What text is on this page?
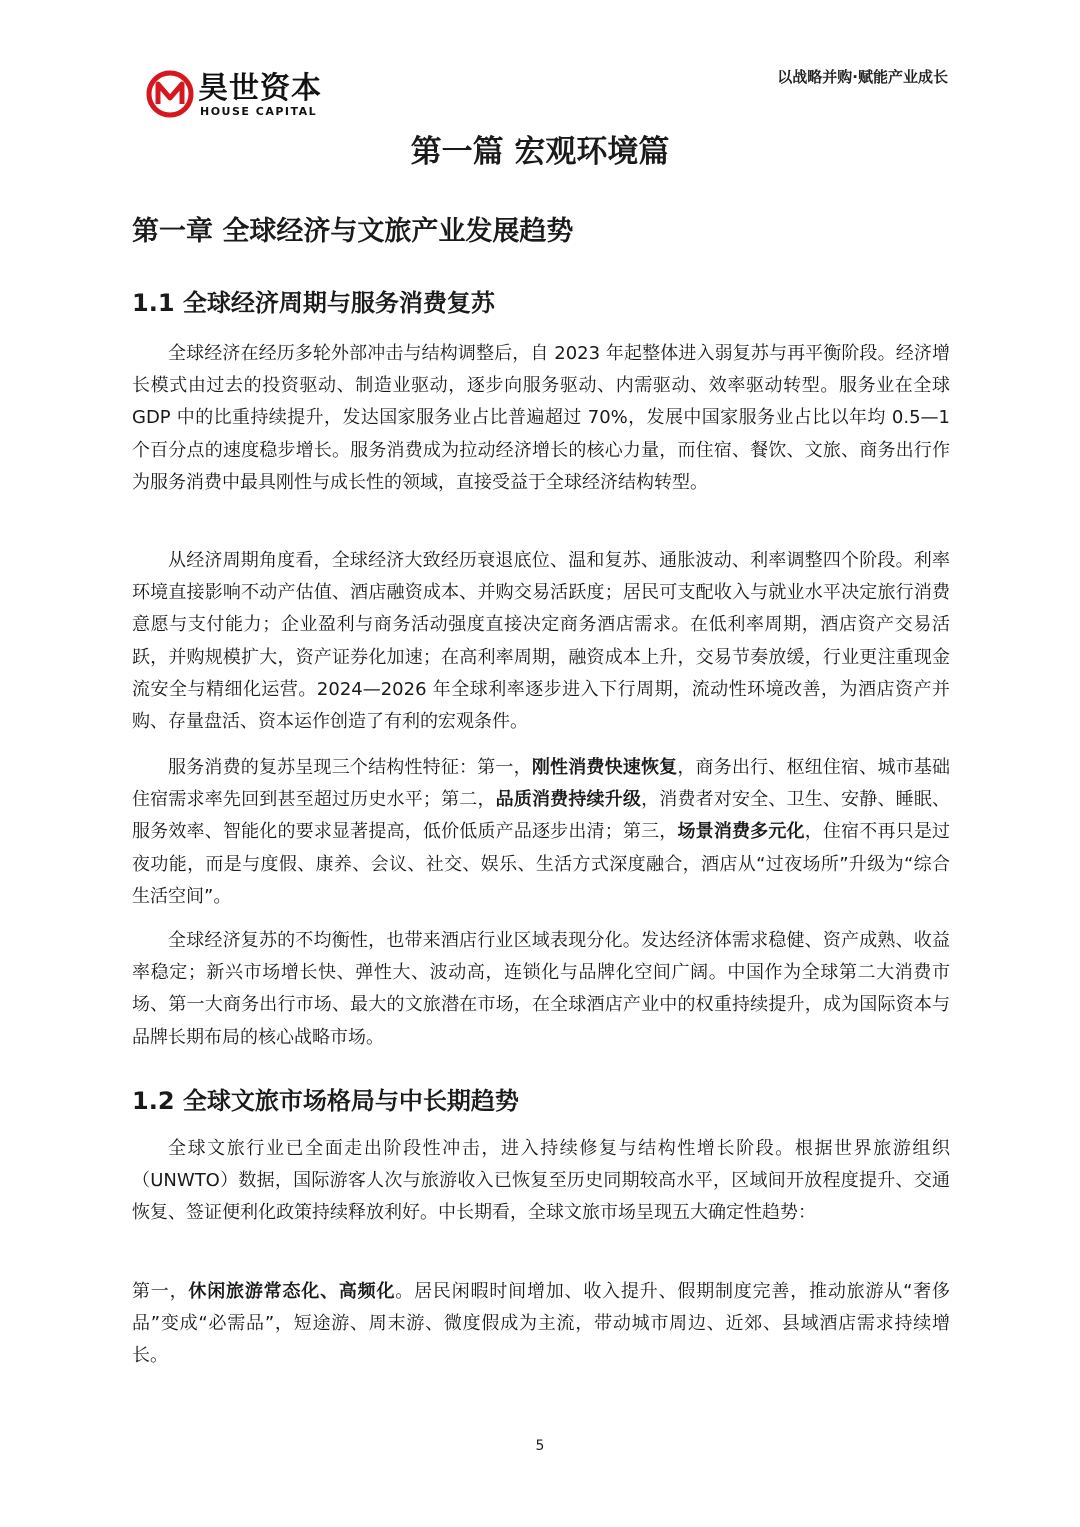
昊世资本
HOUSE CAPITAL
以战略并购·赋能产业成长
第一篇 宏观环境篇
第一章 全球经济与文旅产业发展趋势
1.1 全球经济周期与服务消费复苏

全球经济在经历多轮外部冲击与结构调整后，自 2023 年起整体进入弱复苏与再平衡阶段。经济增长模式由过去的投资驱动、制造业驱动，逐步向服务驱动、内需驱动、效率驱动转型。服务业在全球 GDP 中的比重持续提升，发达国家服务业占比普遍超过 70%，发展中国家服务业占比以年均 0.5—1 个百分点的速度稳步增长。服务消费成为拉动经济增长的核心力量，而住宿、餐饮、文旅、商务出行作为服务消费中最具刚性与成长性的领域，直接受益于全球经济结构转型。

从经济周期角度看，全球经济大致经历衰退底位、温和复苏、通胀波动、利率调整四个阶段。利率环境直接影响不动产估值、酒店融资成本、并购交易活跃度；居民可支配收入与就业水平决定旅行消费意愿与支付能力；企业盈利与商务活动强度直接决定商务酒店需求。在低利率周期，酒店资产交易活跃，并购规模扩大，资产证券化加速；在高利率周期，融资成本上升，交易节奏放缓，行业更注重现金流安全与精细化运营。2024—2026 年全球利率逐步进入下行周期，流动性环境改善，为酒店资产并购、存量盘活、资本运作创造了有利的宏观条件。

服务消费的复苏呈现三个结构性特征：第一，刚性消费快速恢复，商务出行、枢纽住宿、城市基础住宿需求率先回到甚至超过历史水平；第二，品质消费持续升级，消费者对安全、卫生、安静、睡眠、服务效率、智能化的要求显著提高，低价低质产品逐步出清；第三，场景消费多元化，住宿不再只是过夜功能，而是与度假、康养、会议、社交、娱乐、生活方式深度融合，酒店从“过夜场所”升级为“综合生活空间”。

全球经济复苏的不均衡性，也带来酒店行业区域表现分化。发达经济体需求稳健、资产成熟、收益率稳定；新兴市场增长快、弹性大、波动高，连锁化与品牌化空间广阔。中国作为全球第二大消费市场、第一大商务出行市场、最大的文旅潜在市场，在全球酒店产业中的权重持续提升，成为国际资本与品牌长期布局的核心战略市场。

1.2 全球文旅市场格局与中长期趋势

全球文旅行业已全面走出阶段性冲击，进入持续修复与结构性增长阶段。根据世界旅游组织（UNWTO）数据，国际游客人次与旅游收入已恢复至历史同期较高水平，区域间开放程度提升、交通恢复、签证便利化政策持续释放利好。中长期看，全球文旅市场呈现五大确定性趋势：

第一，休闲旅游常态化、高频化。居民闲暇时间增加、收入提升、假期制度完善，推动旅游从“奢侈品”变成“必需品”，短途游、周末游、微度假成为主流，带动城市周边、近郊、县域酒店需求持续增长。

5
